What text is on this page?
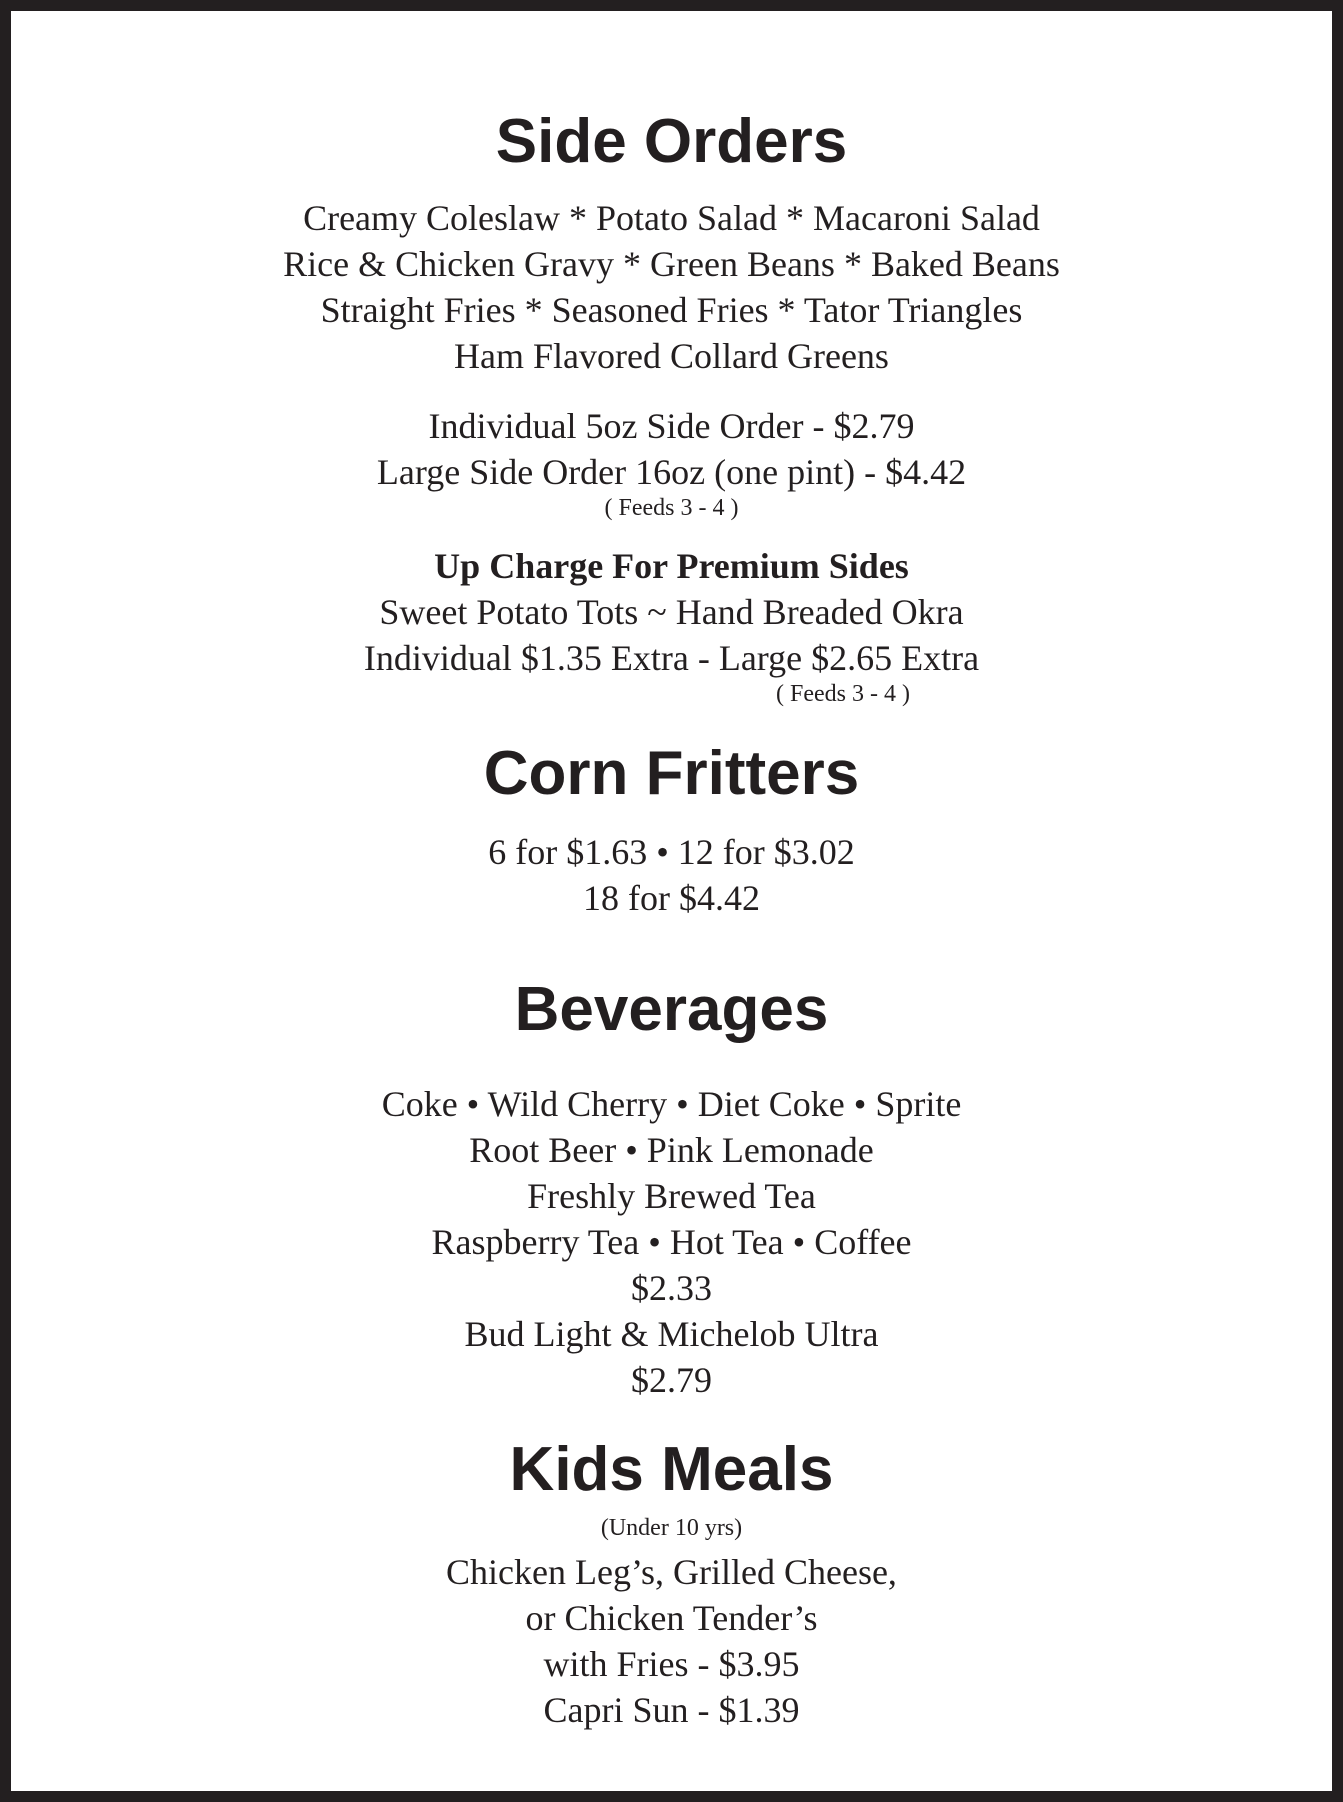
Side Orders
Creamy Coleslaw * Potato Salad * Macaroni Salad
Rice & Chicken Gravy * Green Beans * Baked Beans
Straight Fries * Seasoned Fries * Tator Triangles
Ham Flavored Collard Greens
Individual 5oz Side Order - $2.79
Large Side Order 16oz (one pint) - $4.42
( Feeds 3 - 4 )
Up Charge For Premium Sides
Sweet Potato Tots ~ Hand Breaded Okra
Individual $1.35 Extra - Large $2.65 Extra
( Feeds 3 - 4 )
Corn Fritters
6 for $1.63 • 12 for $3.02
18 for $4.42
Beverages
Coke • Wild Cherry • Diet Coke • Sprite
Root Beer • Pink Lemonade
Freshly Brewed Tea
Raspberry Tea • Hot Tea • Coffee
$2.33
Bud Light & Michelob Ultra
$2.79
Kids Meals
(Under 10 yrs)
Chicken Leg’s, Grilled Cheese,
or Chicken Tender’s
with Fries - $3.95
Capri Sun - $1.39
